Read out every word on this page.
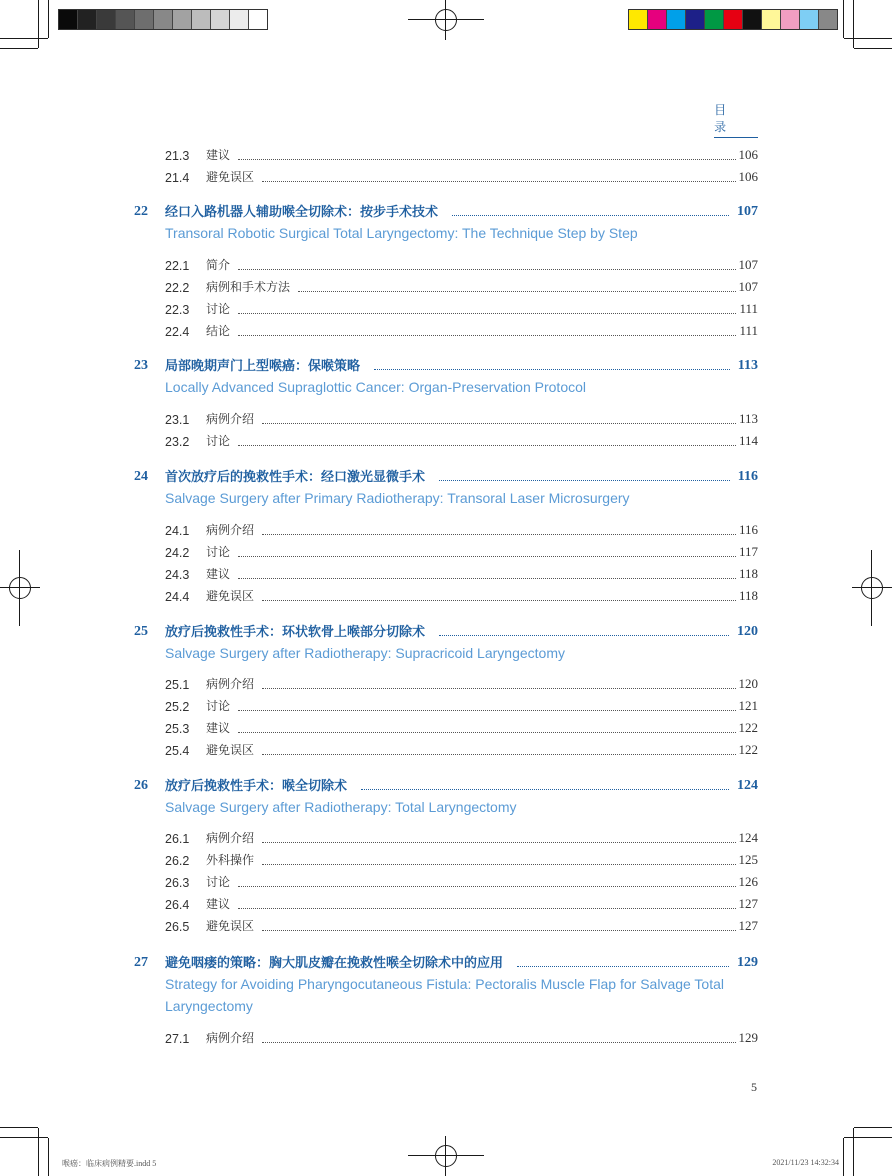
目 录
21.3	建议	106
21.4	避免误区	106
22	经口入路机器人辅助喉全切除术：按步手术技术	107
Transoral Robotic Surgical Total Laryngectomy: The Technique Step by Step
22.1	简介	107
22.2	病例和手术方法	107
22.3	讨论	111
22.4	结论	111
23	局部晚期声门上型喉癌：保喉策略	113
Locally Advanced Supraglottic Cancer: Organ-Preservation Protocol
23.1	病例介绍	113
23.2	讨论	114
24	首次放疗后的挽救性手术：经口激光显微手术	116
Salvage Surgery after Primary Radiotherapy: Transoral Laser Microsurgery
24.1	病例介绍	116
24.2	讨论	117
24.3	建议	118
24.4	避免误区	118
25	放疗后挽救性手术：环状软骨上喉部分切除术	120
Salvage Surgery after Radiotherapy: Supracricoid Laryngectomy
25.1	病例介绍	120
25.2	讨论	121
25.3	建议	122
25.4	避免误区	122
26	放疗后挽救性手术：喉全切除术	124
Salvage Surgery after Radiotherapy: Total Laryngectomy
26.1	病例介绍	124
26.2	外科操作	125
26.3	讨论	126
26.4	建议	127
26.5	避免误区	127
27	避免咽瘘的策略：胸大肌皮瓣在挽救性喉全切除术中的应用	129
Strategy for Avoiding Pharyngocutaneous Fistula: Pectoralis Muscle Flap for Salvage Total Laryngectomy
27.1	病例介绍	129
5
喉癌：临床病例精要.indd 5	2021/11/23 14:32:34
